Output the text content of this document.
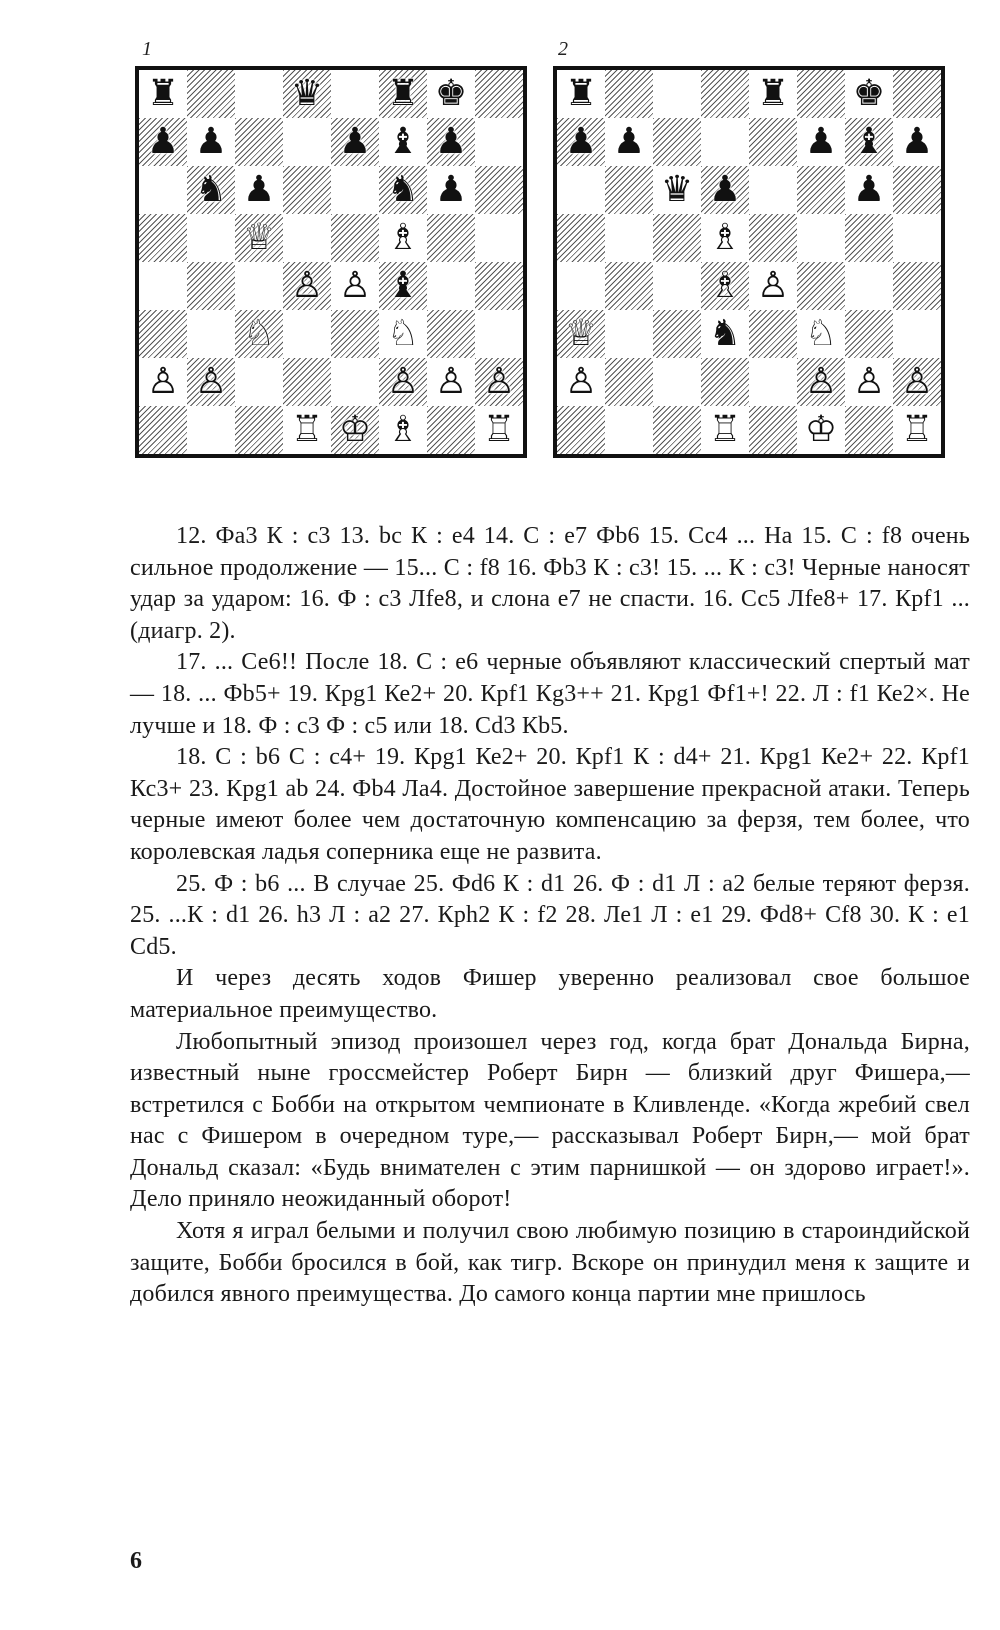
1
♜	♛ ♜ ♚
♟ ♟	♟ ♝ ♟
♞ ♟	♞ ♟
♕	♗
♙ ♙ ♝
♘	♘
♙ ♙	♙ ♙ ♙
♖ ♔ ♗ ♖
2
♜	♜ ♚
♟ ♟	♟ ♝ ♟
♛ ♟	♟
♗
♗ ♙
♕	♞ ♘
♙	♙ ♙ ♙
♖ ♔ ♖

12. Фа3 К : с3 13. bc К : е4 14. С : е7 Фb6 15. Сс4 ... На 15. С : f8 очень сильное продолжение — 15... С : f8 16. Фb3 К : с3! 15. ... К : с3! Черные наносят удар за ударом: 16. Ф : с3 Лfе8, и слона е7 не спасти. 16. Сс5 Лfе8+ 17. Крf1 ... (диагр. 2).

17. ... Се6!! После 18. С : е6 черные объявляют классический спертый мат — 18. ... Фb5+ 19. Крg1 Ке2+ 20. Крf1 Кg3++ 21. Крg1 Фf1+! 22. Л : f1 Ке2×. Не лучше и 18. Ф : с3 Ф : с5 или 18. Сd3 Кb5.

18. С : b6 С : с4+ 19. Крg1 Ке2+ 20. Крf1 К : d4+ 21. Крg1 Ке2+ 22. Крf1 Кс3+ 23. Крg1 ab 24. Фb4 Ла4. Достойное завершение прекрасной атаки. Теперь черные имеют более чем достаточную компенсацию за ферзя, тем более, что королевская ладья соперника еще не развита.

25. Ф : b6 ... В случае 25. Фd6 К : d1 26. Ф : d1 Л : а2 белые теряют ферзя. 25. ...К : d1 26. h3 Л : а2 27. Крh2 К : f2 28. Ле1 Л : е1 29. Фd8+ Сf8 30. К : е1 Сd5.

И через десять ходов Фишер уверенно реализовал свое большое материальное преимущество.

Любопытный эпизод произошел через год, когда брат Дональда Бирна, известный ныне гроссмейстер Роберт Бирн — близкий друг Фишера,— встретился с Бобби на открытом чемпионате в Кливленде. «Когда жребий свел нас с Фишером в очередном туре,— рассказывал Роберт Бирн,— мой брат Дональд сказал: «Будь внимателен с этим парнишкой — он здорово играет!». Дело приняло неожиданный оборот!

Хотя я играл белыми и получил свою любимую позицию в староиндийской защите, Бобби бросился в бой, как тигр. Вскоре он принудил меня к защите и добился явного преимущества. До самого конца партии мне пришлось

6
